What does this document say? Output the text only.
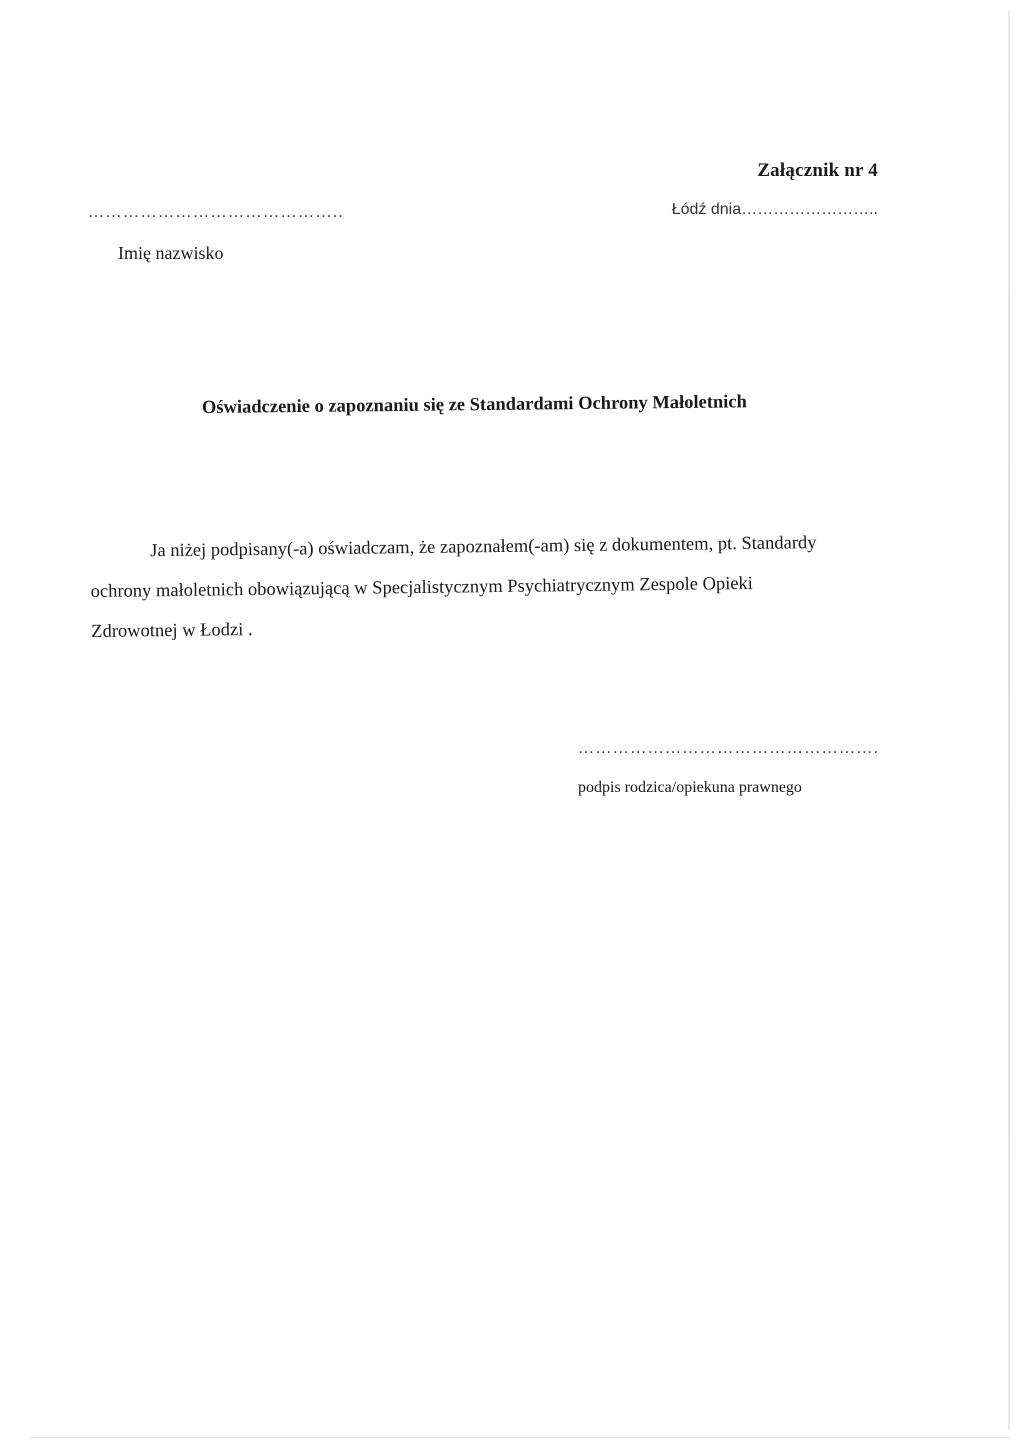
Załącznik nr 4
Łódź dnia……………………..
……………………………………..
Imię nazwisko
Oświadczenie o zapoznaniu się ze Standardami Ochrony Małoletnich
Ja niżej podpisany(-a) oświadczam, że zapoznałem(-am) się z dokumentem, pt. Standardy
ochrony małoletnich obowiązującą w Specjalistycznym Psychiatrycznym Zespole Opieki
Zdrowotnej w Łodzi .
…………………………………………….
podpis rodzica/opiekuna prawnego
